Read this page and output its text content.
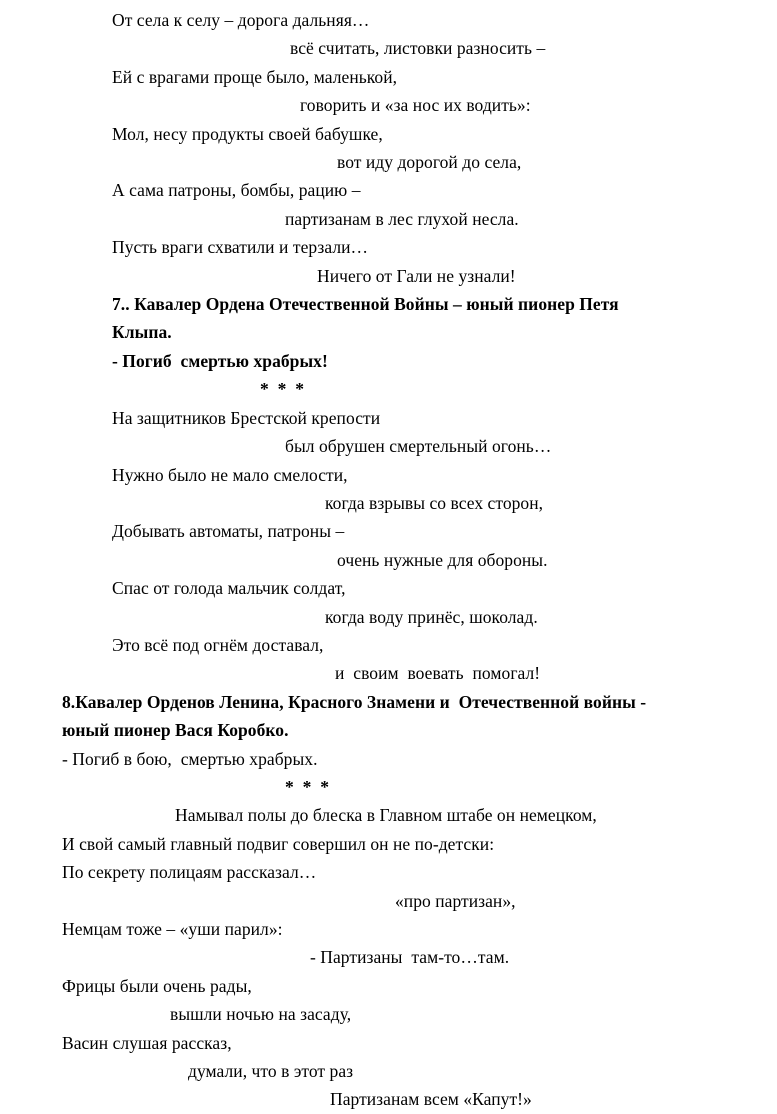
От села к селу – дорога дальняя…
всё считать, листовки разносить –
Ей с врагами проще было, маленькой,
говорить и «за нос их водить»:
Мол, несу продукты своей бабушке,
вот иду дорогой до села,
А сама патроны, бомбы, рацию –
партизанам в лес глухой несла.
Пусть враги схватили и терзали…
Ничего от Гали не узнали!
7.. Кавалер Ордена Отечественной Войны – юный пионер Петя
Клыпа.
- Погиб  смертью храбрых!
*  *  *
На защитников Брестской крепости
был обрушен смертельный огонь…
Нужно было не мало смелости,
когда взрывы со всех сторон,
Добывать автоматы, патроны –
очень нужные для обороны.
Спас от голода мальчик солдат,
когда воду принёс, шоколад.
Это всё под огнём доставал,
и  своим  воевать  помогал!
8.Кавалер Орденов Ленина, Красного Знамени и  Отечественной войны -
юный пионер Вася Коробко.
- Погиб в бою,  смертью храбрых.
*  *  *
Намывал полы до блеска в Главном штабе он немецком,
И свой самый главный подвиг совершил он не по-детски:
По секрету полицаям рассказал…
«про партизан»,
Немцам тоже – «уши парил»:
- Партизаны  там-то…там.
Фрицы были очень рады,
вышли ночью на засаду,
Васин слушая рассказ,
думали, что в этот раз
Партизанам всем «Капут!»
